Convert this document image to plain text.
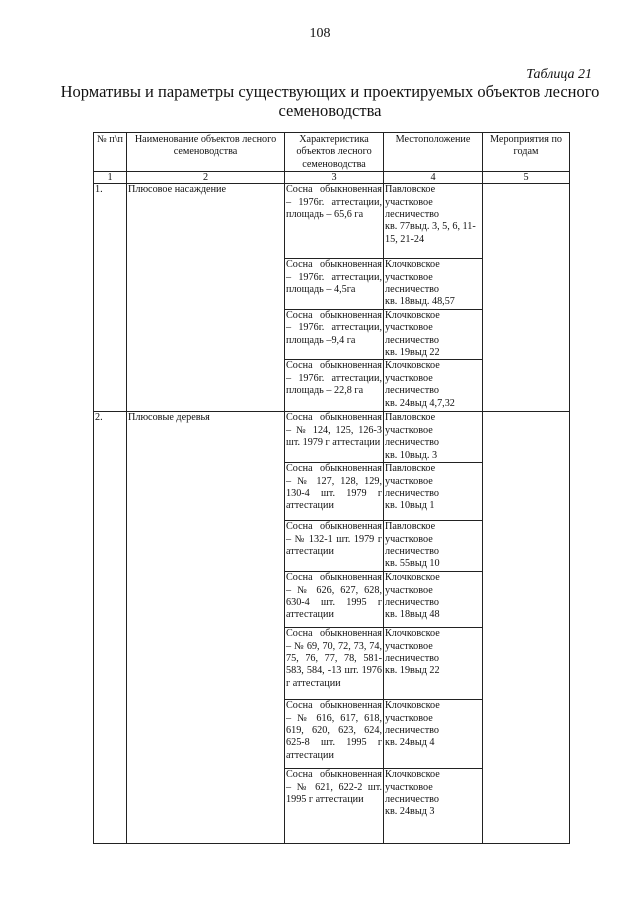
108
Таблица 21
Нормативы и параметры существующих и проектируемых объектов лесного
семеноводства
№ п\п	Наименование объектов лесного семеноводства	Характеристика объектов лесного семеноводства	Местоположение	Мероприятия по годам
1	2	3	4	5
1.	Плюсовое насаждение	Сосна обыкновенная – 1976г. аттестации, площадь – 65,6 га	Павловское
участковое
лесничество
кв. 77выд. 3, 5, 6, 11-15, 21-24	
		Сосна обыкновенная – 1976г. аттестации, площадь – 4,5га	Клочковское
участковое
лесничество
кв. 18выд. 48,57	
		Сосна обыкновенная – 1976г. аттестации, площадь –9,4 га	Клочковское
участковое
лесничество
кв. 19выд 22	
		Сосна обыкновенная – 1976г. аттестации, площадь – 22,8 га	Клочковское
участковое
лесничество
кв. 24выд 4,7,32	
2.	Плюсовые деревья	Сосна обыкновенная – № 124, 125, 126-3 шт. 1979 г аттестации	Павловское
участковое
лесничество
кв. 10выд. 3	
		Сосна обыкновенная – № 127, 128, 129, 130-4 шт. 1979 г аттестации	Павловское
участковое
лесничество
кв. 10выд 1	
		Сосна обыкновенная – № 132-1 шт. 1979 г аттестации	Павловское
участковое
лесничество
кв. 55выд 10	
		Сосна обыкновенная – № 626, 627, 628, 630-4 шт. 1995 г аттестации	Клочковское
участковое
лесничество
кв. 18выд 48	
		Сосна обыкновенная – № 69, 70, 72, 73, 74, 75, 76, 77, 78, 581-583, 584, -13 шт. 1976 г аттестации	Клочковское
участковое
лесничество
кв. 19выд 22	
		Сосна обыкновенная – № 616, 617, 618, 619, 620, 623, 624, 625-8 шт. 1995 г аттестации	Клочковское
участковое
лесничество
кв. 24выд 4	
		Сосна обыкновенная – № 621, 622-2 шт. 1995 г аттестации	Клочковское
участковое
лесничество
кв. 24выд 3	
